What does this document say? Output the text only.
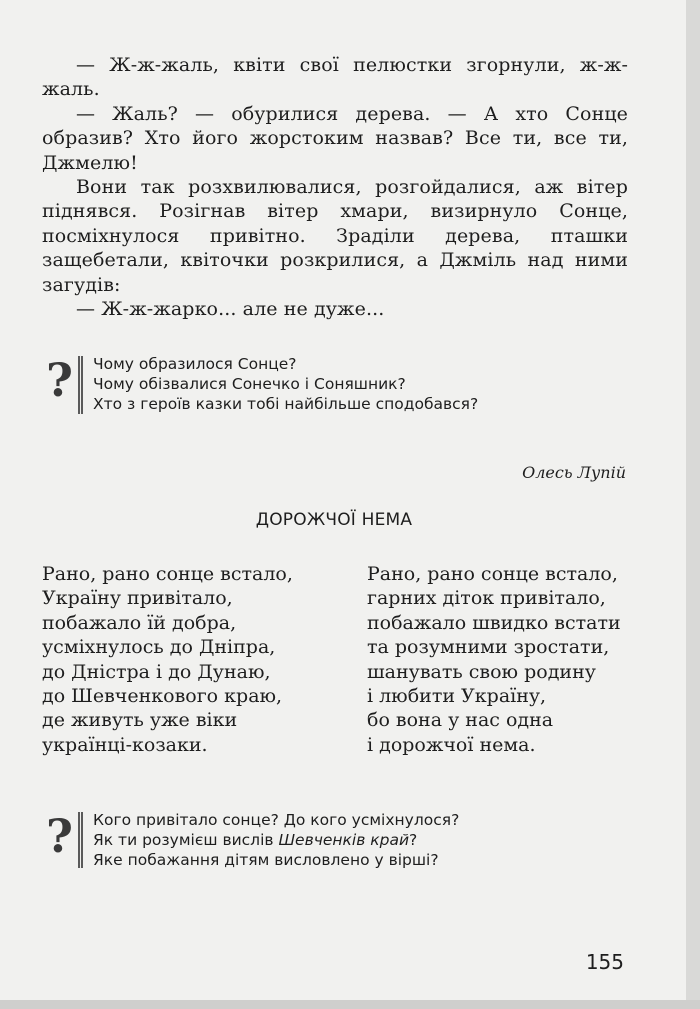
— Ж-ж-жаль, квіти свої пелюстки згорнули, ж-ж-жаль.

— Жаль? — обурилися дерева. — А хто Сонце образив? Хто його жорстоким назвав? Все ти, все ти, Джмелю!

Вони так розхвилювалися, розгойдалися, аж вітер піднявся. Розігнав вітер хмари, визирнуло Сонце, посміхнулося привітно. Зраділи дерева, пташки защебетали, квіточки розкрилися, а Джміль над ними загудів:

— Ж-ж-жарко... але не дуже...

? Чому образилося Сонце?
Чому обізвалися Сонечко і Соняшник?
Хто з героїв казки тобі найбільше сподобався?
Олесь Лупій
ДОРОЖЧОЇ НЕМА
Рано, рано сонце встало,
Україну привітало,
побажало їй добра,
усміхнулось до Дніпра,
до Дністра і до Дунаю,
до Шевченкового краю,
де живуть уже віки
українці-козаки.
Рано, рано сонце встало,
гарних діток привітало,
побажало швидко встати
та розумними зростати,
шанувать свою родину
і любити Україну,
бо вона у нас одна
і дорожчої нема.
? Кого привітало сонце? До кого усміхнулося?
Як ти розумієш вислів Шевченків край?
Яке побажання дітям висловлено у вірші?
155
